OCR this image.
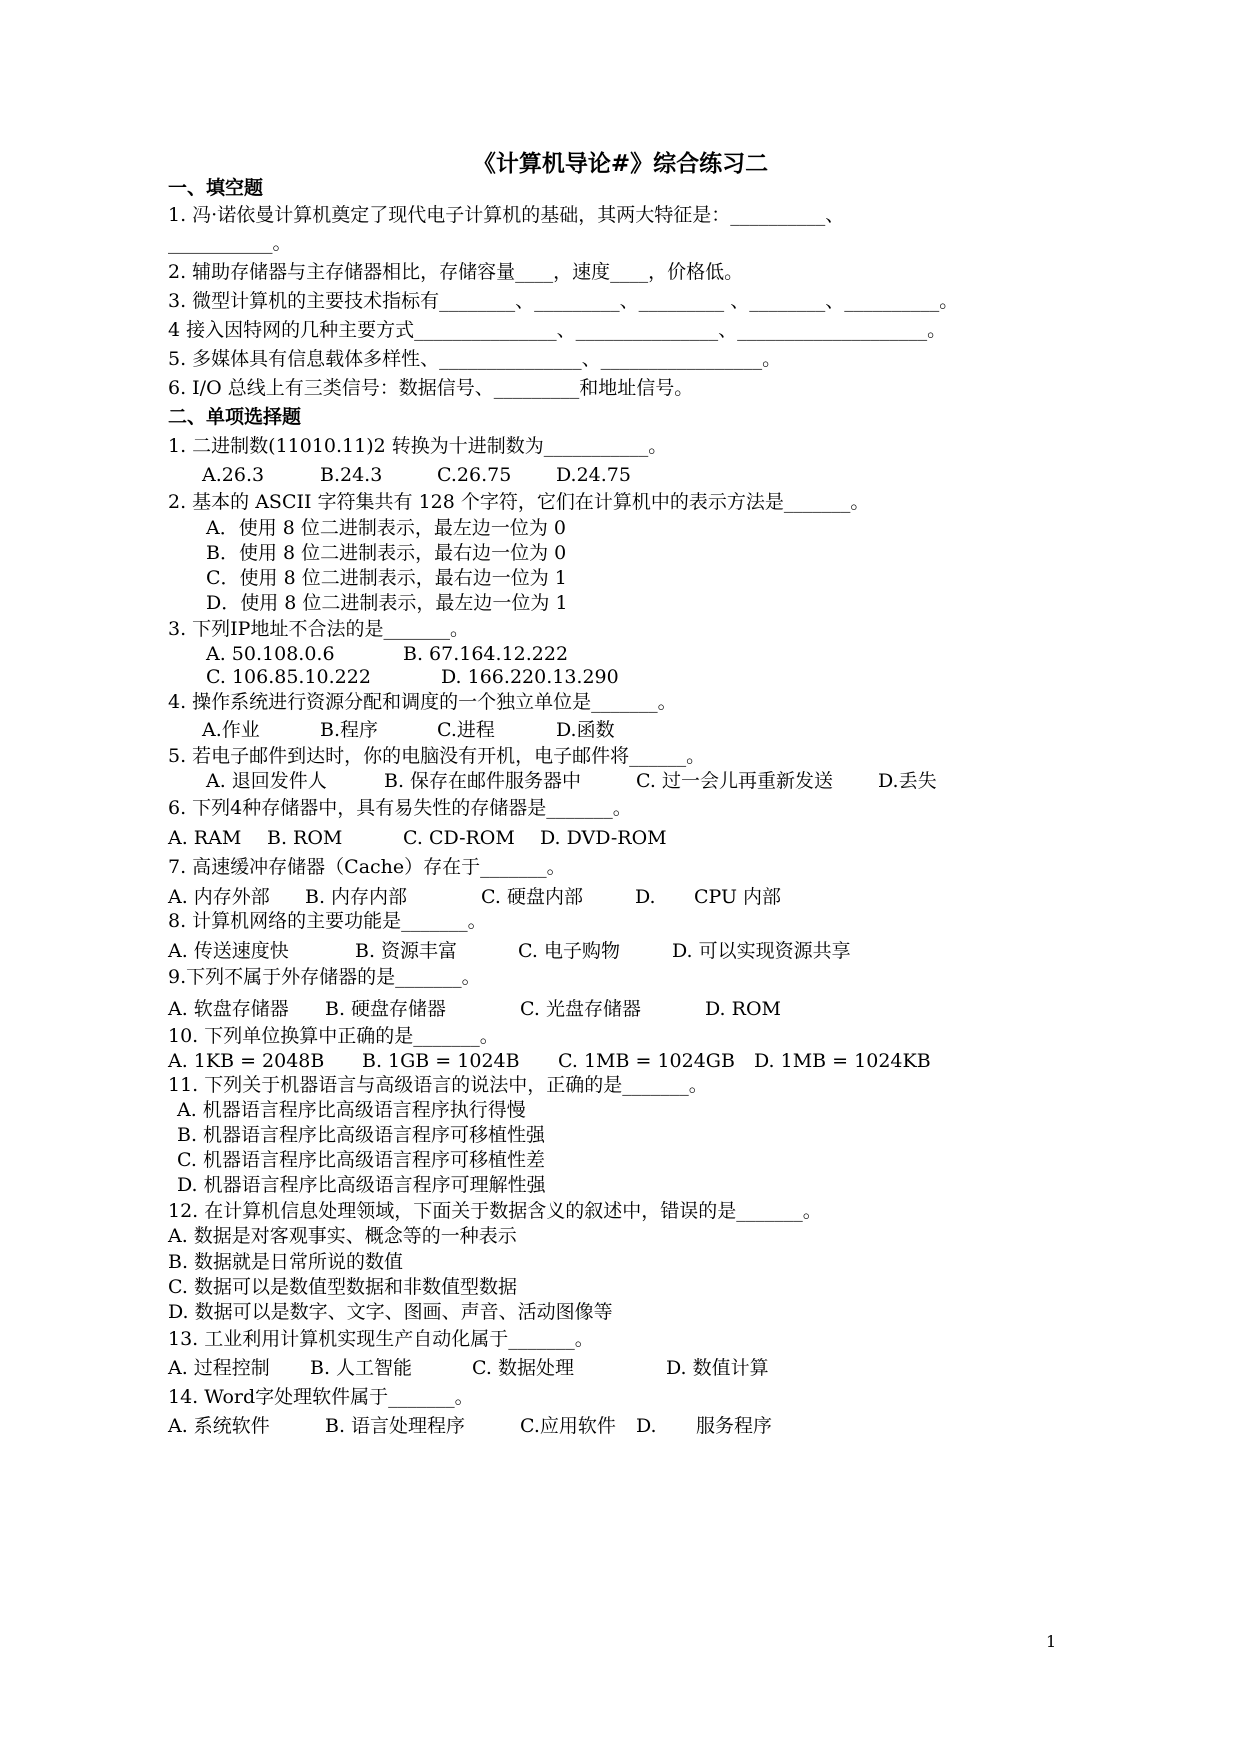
《计算机导论#》综合练习二
一、填空题
1. 冯·诺依曼计算机奠定了现代电子计算机的基础，其两大特征是：__________、
___________。
2. 辅助存储器与主存储器相比，存储容量____，速度____，价格低。
3. 微型计算机的主要技术指标有________、_________、_________ 、________、__________。
4 接入因特网的几种主要方式_______________、_______________、____________________。
5. 多媒体具有信息载体多样性、_______________、_________________。
6. I/O 总线上有三类信号：数据信号、_________和地址信号。
二、单项选择题
1. 二进制数(11010.11)2 转换为十进制数为___________。
A.26.3	B.24.3	C.26.75 D.24.75
2. 基本的 ASCII 字符集共有 128 个字符，它们在计算机中的表示方法是_______。
A．使用 8 位二进制表示，最左边一位为 0
B．使用 8 位二进制表示，最右边一位为 0
C．使用 8 位二进制表示，最右边一位为 1
D．使用 8 位二进制表示，最左边一位为 1
3. 下列IP地址不合法的是_______。
A. 50.108.0.6	B. 67.164.12.222
C. 106.85.10.222	D. 166.220.13.290
4. 操作系统进行资源分配和调度的一个独立单位是_______。
A.作业	B.程序	C.进程	D.函数
5. 若电子邮件到达时，你的电脑没有开机，电子邮件将______。
A. 退回发件人	B. 保存在邮件服务器中	C. 过一会儿再重新发送 D.丢失
6. 下列4种存储器中，具有易失性的存储器是_______。
A. RAM B. ROM	C. CD-ROM D. DVD-ROM
7. 高速缓冲存储器（Cache）存在于_______。
A. 内存外部 B. 内存内部	C. 硬盘内部	D. CPU 内部
8. 计算机网络的主要功能是_______。
A. 传送速度快	B. 资源丰富	C. 电子购物	D. 可以实现资源共享
9.下列不属于外存储器的是_______。
A. 软盘存储器 B. 硬盘存储器	C. 光盘存储器	D. ROM
10. 下列单位换算中正确的是_______。
A. 1KB = 2048B B. 1GB = 1024B C. 1MB = 1024GB D. 1MB = 1024KB
11. 下列关于机器语言与高级语言的说法中，正确的是_______。
A. 机器语言程序比高级语言程序执行得慢
B. 机器语言程序比高级语言程序可移植性强
C. 机器语言程序比高级语言程序可移植性差
D. 机器语言程序比高级语言程序可理解性强
12. 在计算机信息处理领域，下面关于数据含义的叙述中，错误的是_______。
A. 数据是对客观事实、概念等的一种表示
B. 数据就是日常所说的数值
C. 数据可以是数值型数据和非数值型数据
D. 数据可以是数字、文字、图画、声音、活动图像等
13. 工业利用计算机实现生产自动化属于_______。
A. 过程控制 B. 人工智能	C. 数据处理	D. 数值计算
14. Word字处理软件属于_______。
A. 系统软件	B. 语言处理程序	C.应用软件 D. 服务程序
1
